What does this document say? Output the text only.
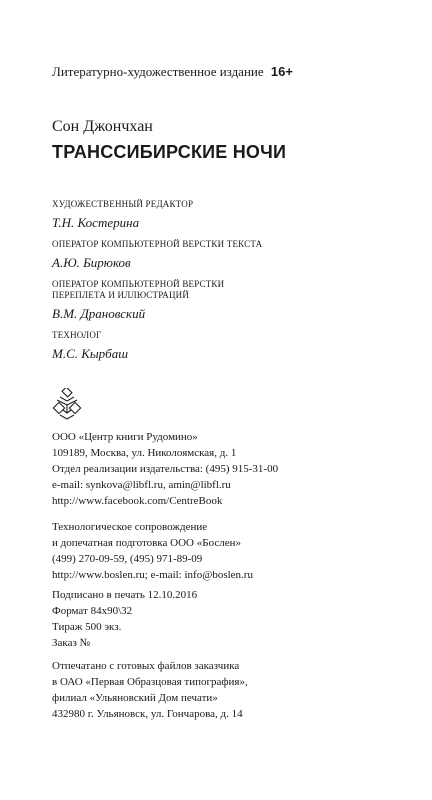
Литературно-художественное издание 16+
Сон Джончхан
ТРАНССИБИРСКИЕ НОЧИ
ХУДОЖЕСТВЕННЫЙ РЕДАКТОР
Т.Н. Костерина
ОПЕРАТОР КОМПЬЮТЕРНОЙ ВЕРСТКИ ТЕКСТА
А.Ю. Бирюков
ОПЕРАТОР КОМПЬЮТЕРНОЙ ВЕРСТКИ
ПЕРЕПЛЕТА И ИЛЛЮСТРАЦИЙ
В.М. Драновский
ТЕХНОЛОГ
М.С. Кырбаш
ООО «Центр книги Рудомино»
109189, Москва, ул. Николоямская, д. 1
Отдел реализации издательства: (495) 915-31-00
e-mail: synkova@libfl.ru, amin@libfl.ru
http://www.facebook.com/CentreBook
Технологическое сопровождение
и допечатная подготовка ООО «Бослен»
(499) 270-09-59, (495) 971-89-09
http://www.boslen.ru; e-mail: info@boslen.ru
Подписано в печать 12.10.2016
Формат 84х90\32
Тираж 500 экз.
Заказ №
Отпечатано с готовых файлов заказчика
в ОАО «Первая Образцовая типография»,
филиал «Ульяновский Дом печати»
432980 г. Ульяновск, ул. Гончарова, д. 14
